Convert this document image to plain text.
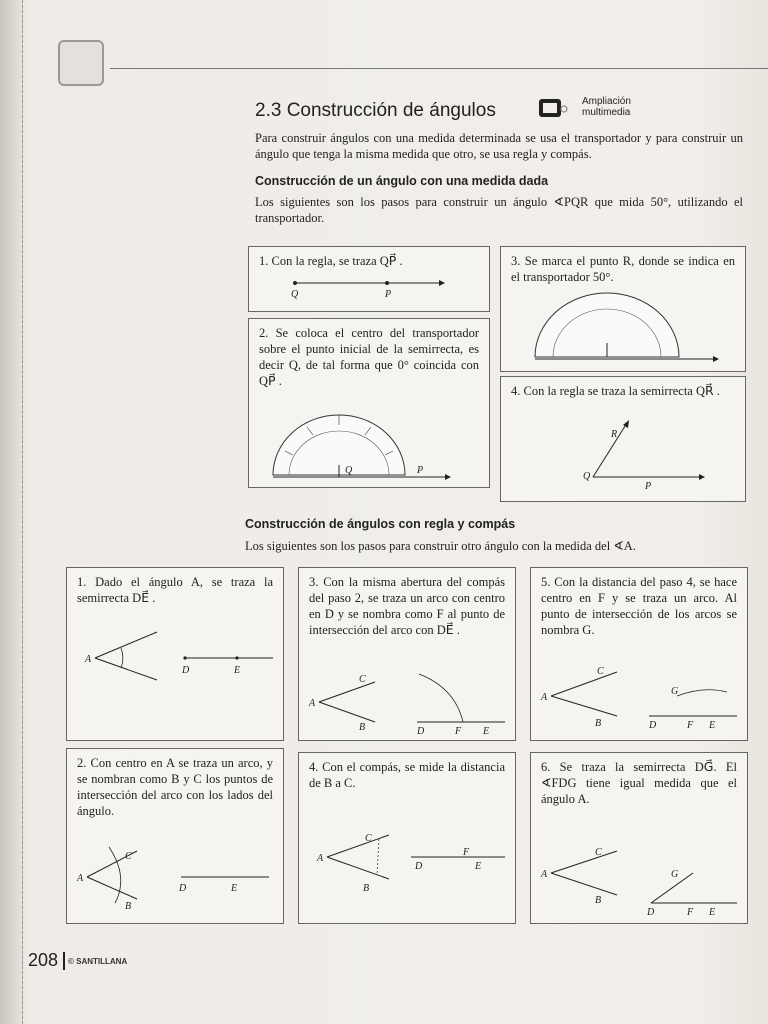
2.3 Construcción de ángulos	Ampliación
multimedia
Para construir ángulos con una medida determinada se usa el transportador y para construir un ángulo que tenga la misma medida que otro, se usa regla y compás.
Construcción de un ángulo con una medida dada
Los siguientes son los pasos para construir un ángulo ∢PQR que mida 50°, utilizando el transportador.
1. Con la regla, se traza QP⃗ .
Q	P
2. Se coloca el centro del transportador sobre el punto inicial de la semirrecta, es decir Q, de tal forma que 0° coincida con QP⃗ .
Q	P
3. Se marca el punto R, donde se indica en el transportador 50°.
4. Con la regla se traza la semirrecta QR⃗ .
R
Q
P
Construcción de ángulos con regla y compás
Los siguientes son los pasos para construir otro ángulo con la medida del ∢A.
1. Dado el ángulo A, se traza la semirrecta DE⃗ .
A
D	E
2. Con centro en A se traza un arco, y se nombran como B y C los puntos de intersección del arco con los lados del ángulo.
A
C
B
D	E
3. Con la misma abertura del compás del paso 2, se traza un arco con centro en D y se nombra como F al punto de intersección del arco con DE⃗ .
A
C
B	D	F E
4. Con el compás, se mide la distancia de B a C.
A
C
B
D
F
E
5. Con la distancia del paso 4, se hace centro en F y se traza un arco. Al punto de intersección de los arcos se nombra G.
A
C
B
G
D	F E
6. Se traza la semirrecta DG⃗. El ∢FDG tiene igual medida que el ángulo A.
A
C
B
G
D	F E
208 © SANTILLANA
